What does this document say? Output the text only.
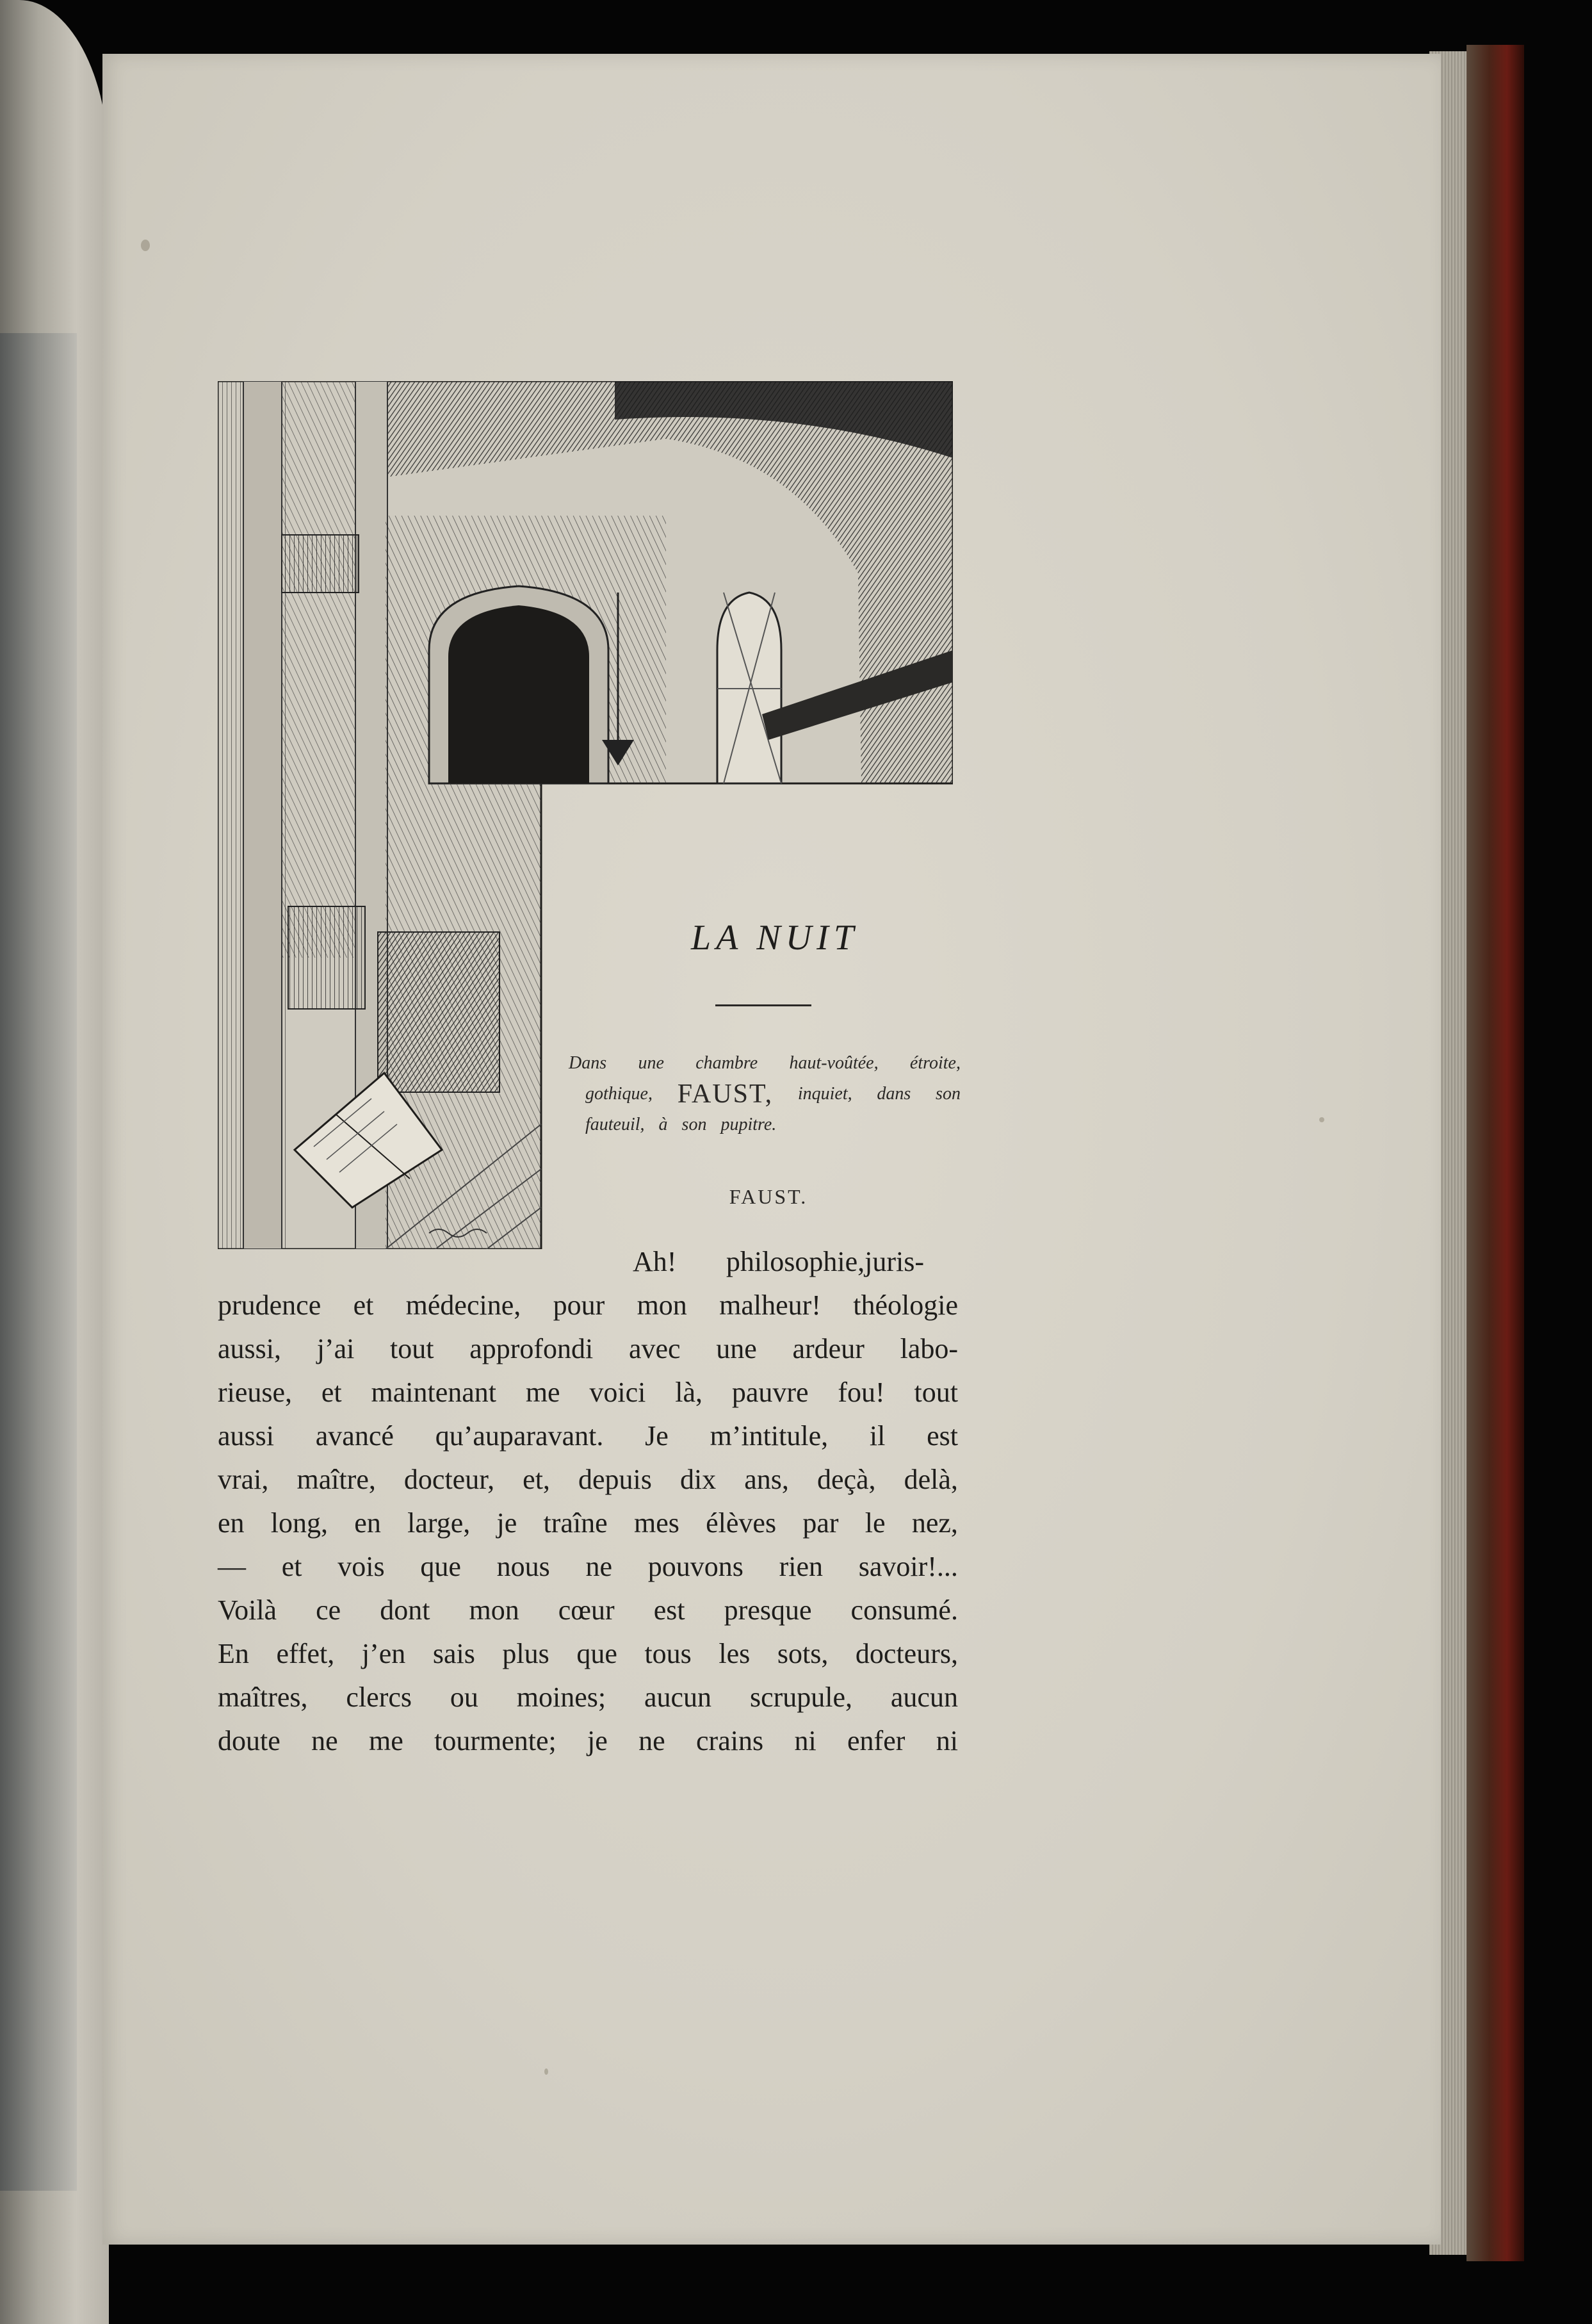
LA NUIT
Dans une chambre haut-voûtée, étroite,
gothique, FAUST, inquiet, dans son
fauteuil, à son pupitre.
FAUST.
Ah!	philosophie, juris-
prudence et médecine, pour mon malheur! théologie
aussi, j’ai tout approfondi avec une ardeur labo-
rieuse, et maintenant me voici là, pauvre fou! tout
aussi avancé qu’auparavant. Je m’intitule, il est
vrai, maître, docteur, et, depuis dix ans, deçà, delà,
en long, en large, je traîne mes élèves par le nez,
— et vois que nous ne pouvons rien savoir!...
Voilà ce dont mon cœur est presque consumé.
En effet, j’en sais plus que tous les sots, docteurs,
maîtres, clercs ou moines; aucun scrupule, aucun
doute ne me tourmente; je ne crains ni enfer ni
